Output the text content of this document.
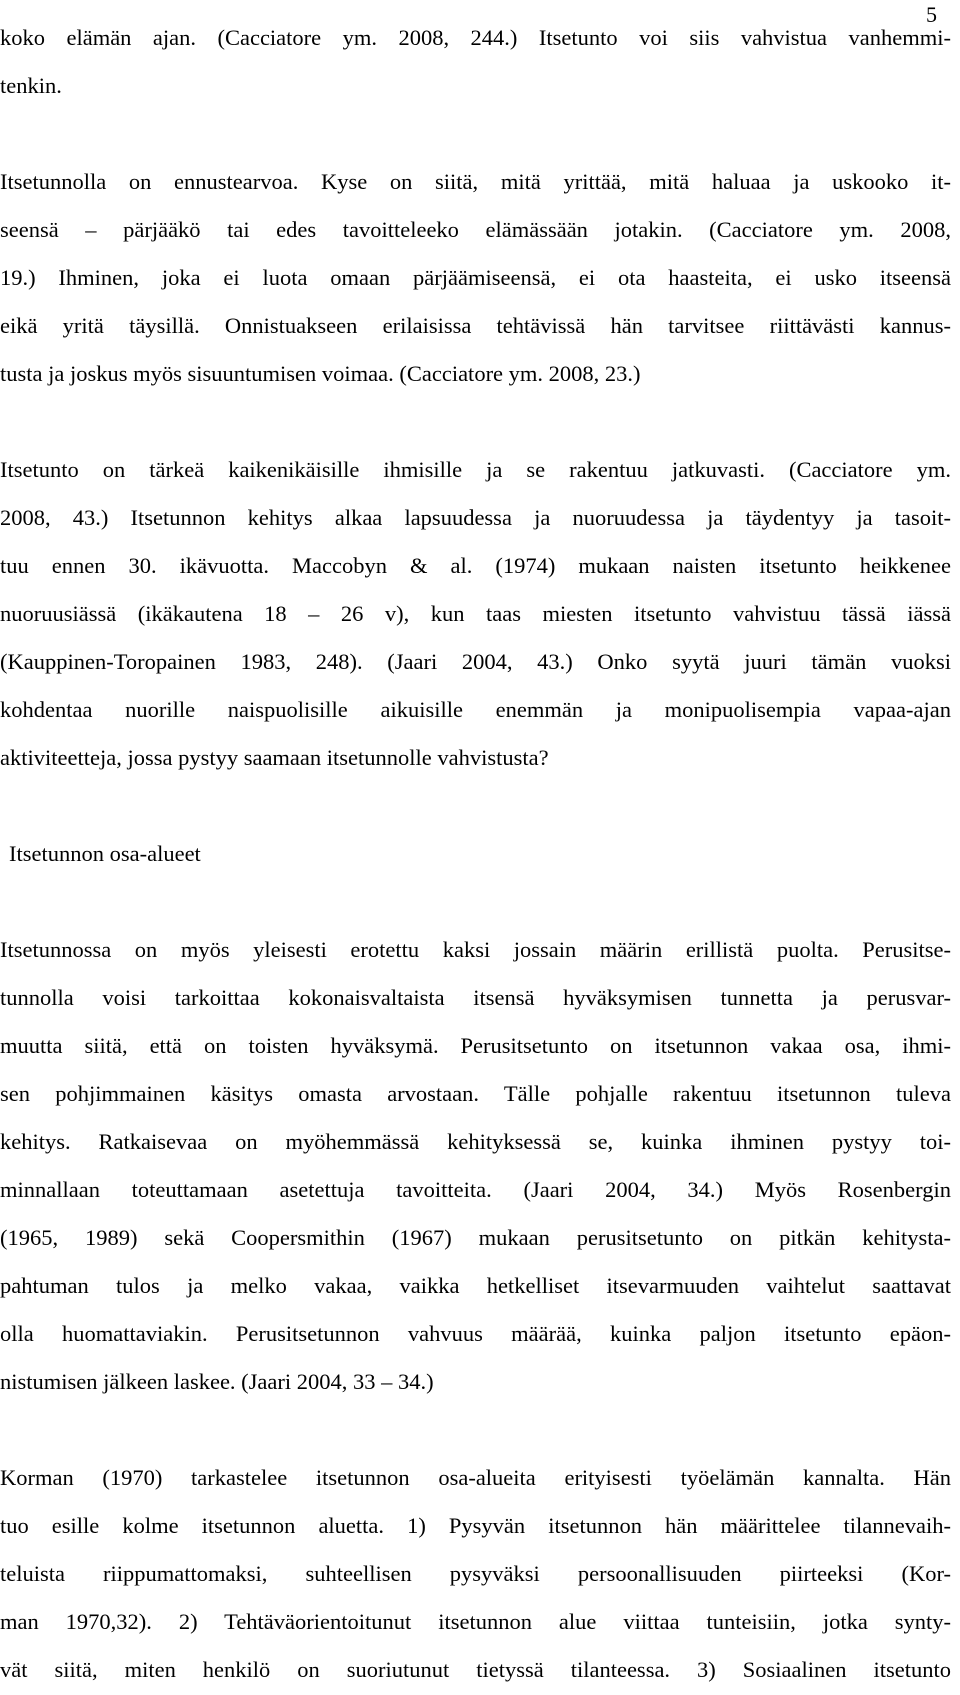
5
koko elämän ajan. (Cacciatore ym. 2008, 244.) Itsetunto voi siis vahvistua vanhemmi-
tenkin.
Itsetunnolla on ennustearvoa. Kyse on siitä, mitä yrittää, mitä haluaa ja uskooko it-
seensä – pärjääkö tai edes tavoitteleeko elämässään jotakin. (Cacciatore ym. 2008,
19.) Ihminen, joka ei luota omaan pärjäämiseensä, ei ota haasteita, ei usko itseensä
eikä yritä täysillä. Onnistuakseen erilaisissa tehtävissä hän tarvitsee riittävästi kannus-
tusta ja joskus myös sisuuntumisen voimaa. (Cacciatore ym. 2008, 23.)
Itsetunto on tärkeä kaikenikäisille ihmisille ja se rakentuu jatkuvasti. (Cacciatore ym.
2008, 43.) Itsetunnon kehitys alkaa lapsuudessa ja nuoruudessa ja täydentyy ja tasoit-
tuu ennen 30. ikävuotta. Maccobyn & al. (1974) mukaan naisten itsetunto heikkenee
nuoruusiässä (ikäkautena 18 – 26 v), kun taas miesten itsetunto vahvistuu tässä iässä
(Kauppinen-Toropainen 1983, 248). (Jaari 2004, 43.) Onko syytä juuri tämän vuoksi
kohdentaa nuorille naispuolisille aikuisille enemmän ja monipuolisempia vapaa-ajan
aktiviteetteja, jossa pystyy saamaan itsetunnolle vahvistusta?
Itsetunnon osa-alueet
Itsetunnossa on myös yleisesti erotettu kaksi jossain määrin erillistä puolta. Perusitse-
tunnolla voisi tarkoittaa kokonaisvaltaista itsensä hyväksymisen tunnetta ja perusvar-
muutta siitä, että on toisten hyväksymä. Perusitsetunto on itsetunnon vakaa osa, ihmi-
sen pohjimmainen käsitys omasta arvostaan. Tälle pohjalle rakentuu itsetunnon tuleva
kehitys. Ratkaisevaa on myöhemmässä kehityksessä se, kuinka ihminen pystyy toi-
minnallaan toteuttamaan asetettuja tavoitteita. (Jaari 2004, 34.) Myös Rosenbergin
(1965, 1989) sekä Coopersmithin (1967) mukaan perusitsetunto on pitkän kehitysta-
pahtuman tulos ja melko vakaa, vaikka hetkelliset itsevarmuuden vaihtelut saattavat
olla huomattaviakin. Perusitsetunnon vahvuus määrää, kuinka paljon itsetunto epäon-
nistumisen jälkeen laskee. (Jaari 2004, 33 – 34.)
Korman (1970) tarkastelee itsetunnon osa-alueita erityisesti työelämän kannalta. Hän
tuo esille kolme itsetunnon aluetta. 1) Pysyvän itsetunnon hän määrittelee tilannevaih-
teluista riippumattomaksi, suhteellisen pysyväksi persoonallisuuden piirteeksi (Kor-
man 1970,32). 2) Tehtäväorientoitunut itsetunnon alue viittaa tunteisiin, jotka synty-
vät siitä, miten henkilö on suoriutunut tietyssä tilanteessa. 3) Sosiaalinen itsetunto
